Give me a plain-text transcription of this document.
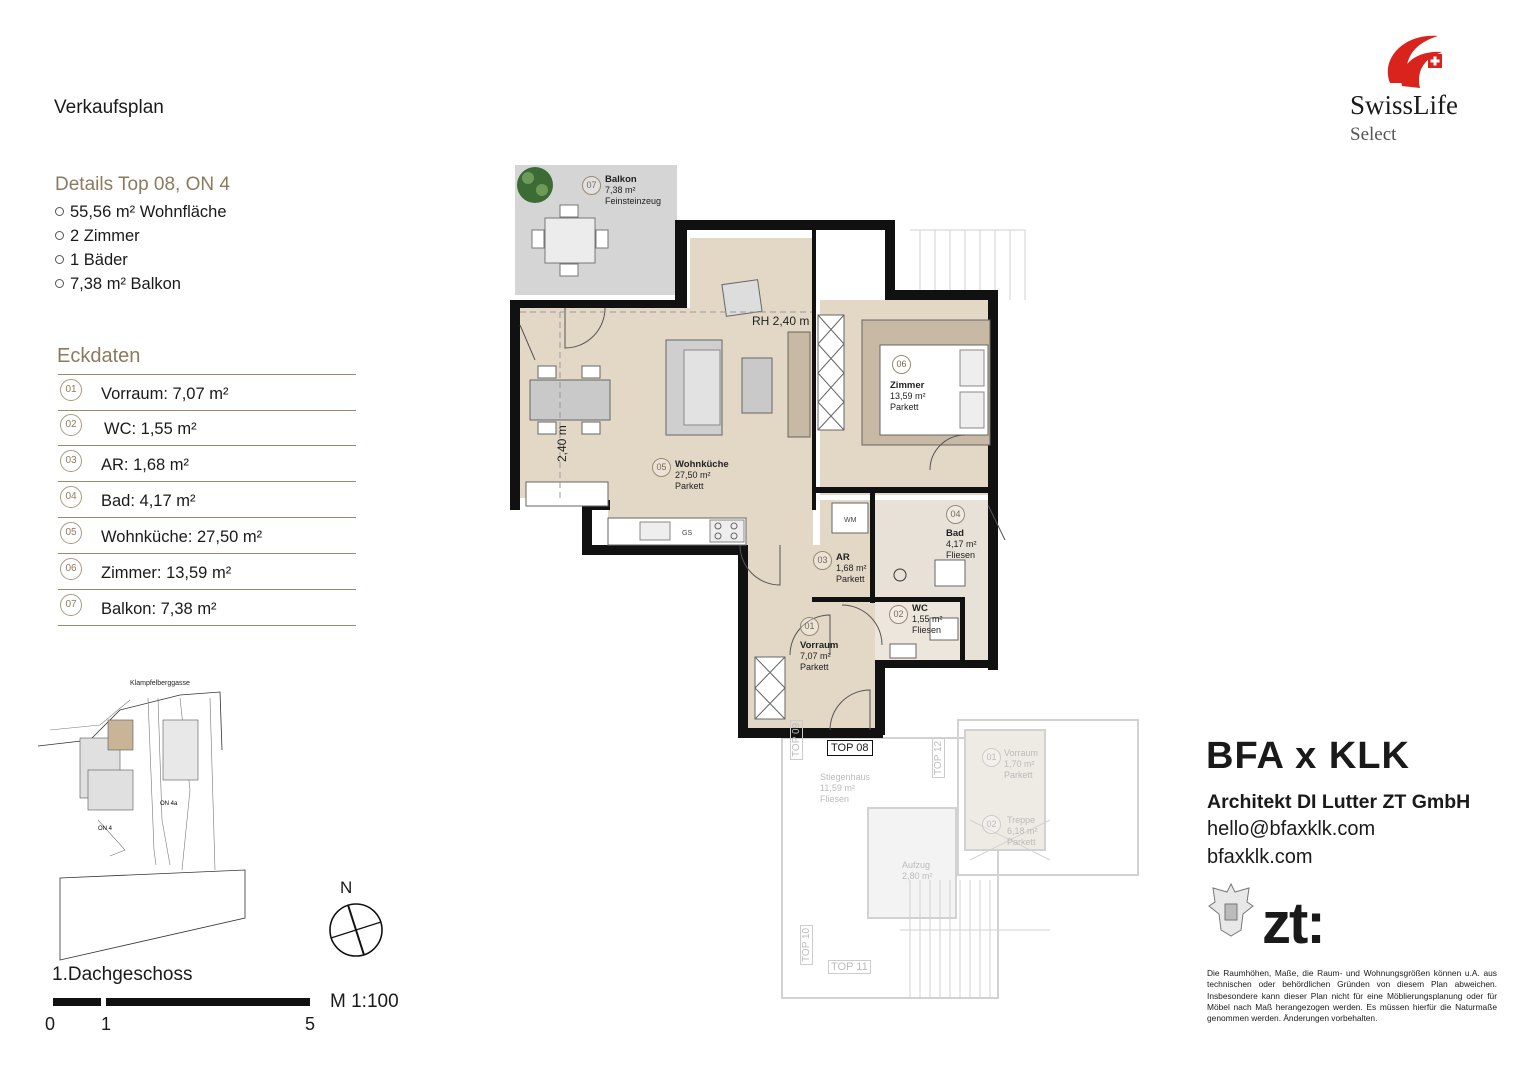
Verkaufsplan
Details Top 08, ON 4
55,56 m² Wohnfläche
2 Zimmer
1 Bäder
7,38 m² Balkon
Eckdaten
01	Vorraum: 7,07 m²
02	WC: 1,55 m²
03	AR: 1,68 m²
04	Bad: 4,17 m²
05	Wohnküche: 27,50 m²
06	Zimmer: 13,59 m²
07	Balkon: 7,38 m²
Klampfelberggasse
ON 4
ON 4a
N
1.Dachgeschoss
0	1	5
M 1:100
GS
WM
RH 2,40 m
2,40 m
07 Balkon
7,38 m²
Feinsteinzeug
06
Zimmer
13,59 m²
Parkett
05 Wohnküche
27,50 m²
Parkett
04
Bad
4,17 m²
Fliesen
03 AR
1,68 m²
Parkett
02 WC
1,55 m²
Fliesen
01
Vorraum
7,07 m²
Parkett
TOP 08
TOP 09
TOP 12
TOP 10
TOP 11
Stiegenhaus
11,59 m²
Fliesen
Aufzug
2,80 m²
01 Vorraum
1,70 m²
Parkett
02	Treppe
6,18 m²
Parkett
SwissLife
Select
BFA x KLK
Architekt DI Lutter ZT GmbH
hello@bfaxklk.com
bfaxklk.com
zt:
Die Raumhöhen, Maße, die Raum- und Wohnungsgrößen können u.A. aus technischen oder behördlichen Gründen von diesem Plan abweichen. Insbesondere kann dieser Plan nicht für eine Möblierungsplanung oder für Möbel nach Maß herangezogen werden. Es müssen hierfür die Naturmaße genommen werden. Änderungen vorbehalten.
